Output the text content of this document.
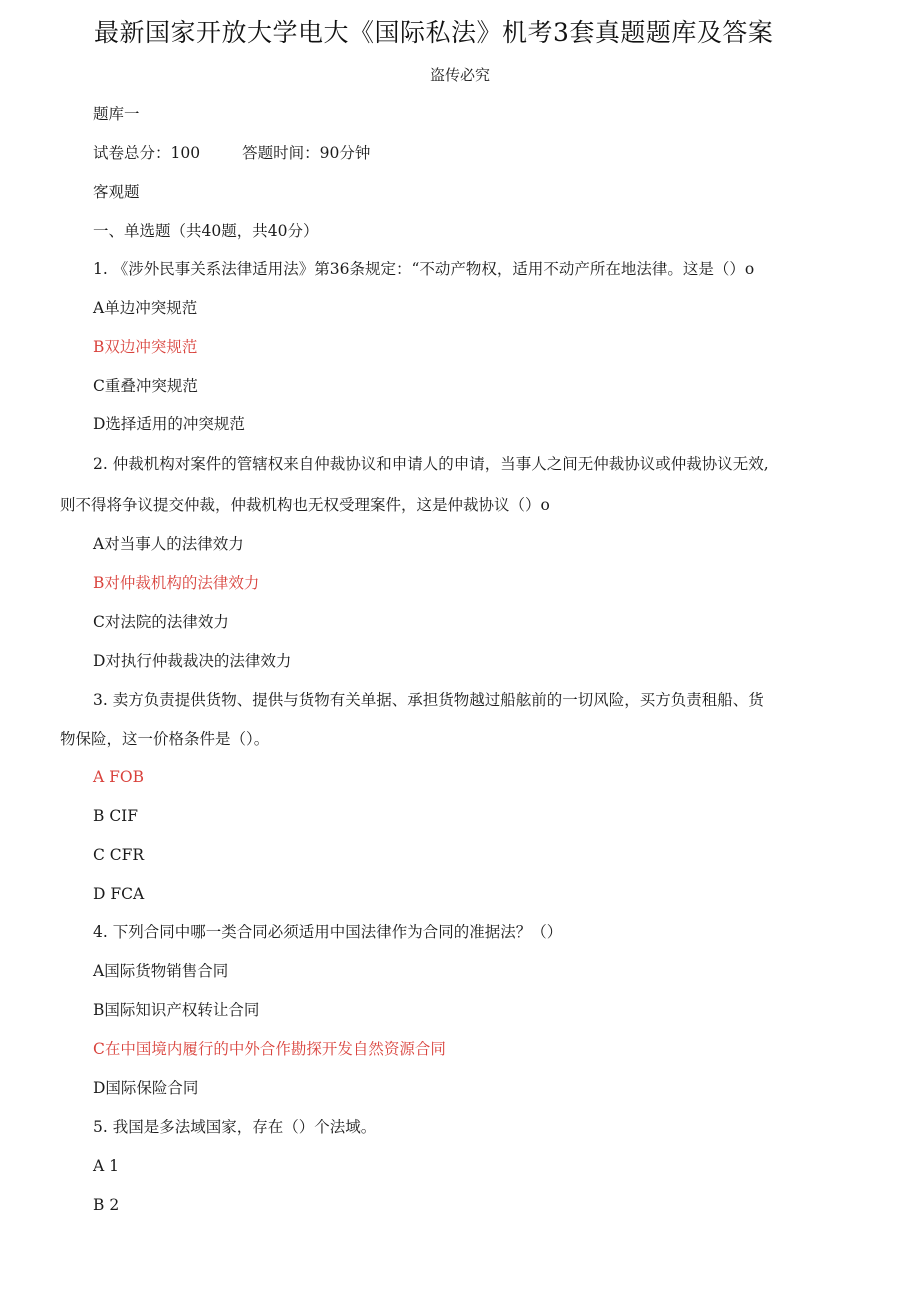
最新国家开放大学电大《国际私法》机考3套真题题库及答案
盗传必究
题库一
试卷总分：100	答题时间：90分钟
客观题
一、单选题（共40题，共40分）
1. 《涉外民事关系法律适用法》第36条规定：“不动产物权，适用不动产所在地法律。这是（）o
A单边冲突规范
B双边冲突规范
C重叠冲突规范
D选择适用的冲突规范
2. 仲裁机构对案件的管辖权来自仲裁协议和申请人的申请，当事人之间无仲裁协议或仲裁协议无效,
则不得将争议提交仲裁，仲裁机构也无权受理案件，这是仲裁协议（）o
A对当事人的法律效力
B对仲裁机构的法律效力
C对法院的法律效力
D对执行仲裁裁决的法律效力
3. 卖方负责提供货物、提供与货物有关单据、承担货物越过船舷前的一切风险，买方负责租船、货
物保险，这一价格条件是（）。
A FOB
B CIF
C CFR
D FCA
4. 下列合同中哪一类合同必须适用中国法律作为合同的准据法？（）
A国际货物销售合同
B国际知识产权转让合同
C在中国境内履行的中外合作勘探开发自然资源合同
D国际保险合同
5. 我国是多法域国家，存在（）个法域。
A 1
B 2
